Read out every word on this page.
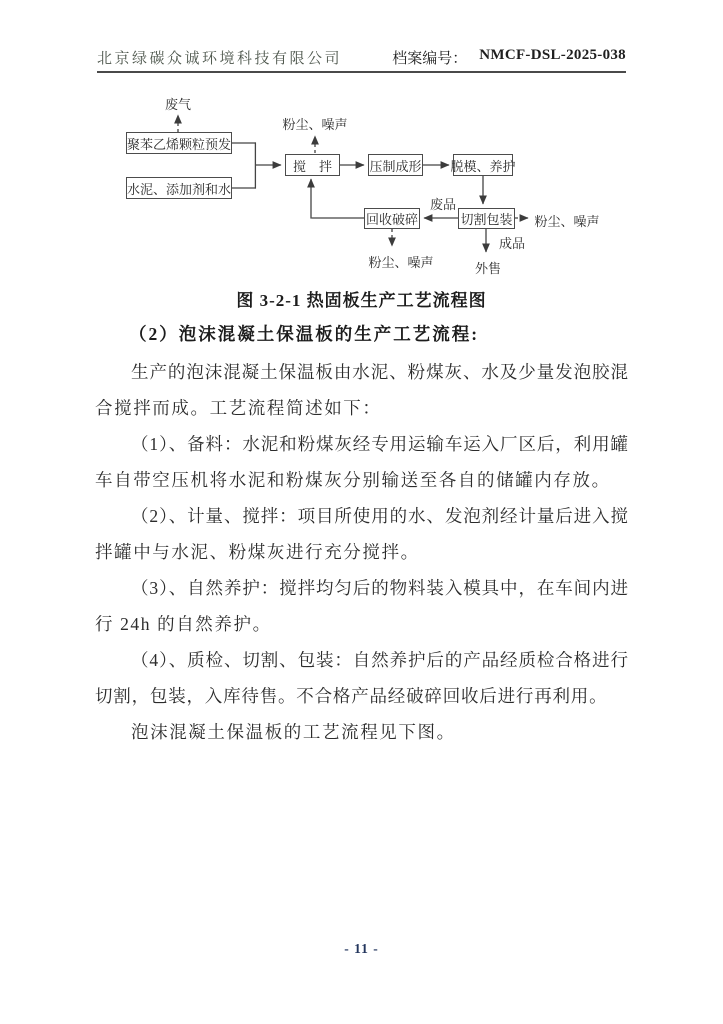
北京绿碳众诚环境科技有限公司	档案编号： NMCF-DSL-2025-038
聚苯乙烯颗粒预发
水泥、添加剂和水
搅　拌	压制成形 脱模、养护
切割包装
回收破碎
废气
粉尘、噪声
废品
粉尘、噪声
成品
外售
粉尘、噪声
图 3-2-1 热固板生产工艺流程图
（2）泡沫混凝土保温板的生产工艺流程:
生产的泡沫混凝土保温板由水泥、粉煤灰、水及少量发泡胶混
合搅拌而成。工艺流程简述如下：
（1）、备料：水泥和粉煤灰经专用运输车运入厂区后，利用罐
车自带空压机将水泥和粉煤灰分别输送至各自的储罐内存放。
（2）、计量、搅拌：项目所使用的水、发泡剂经计量后进入搅
拌罐中与水泥、粉煤灰进行充分搅拌。
（3）、自然养护：搅拌均匀后的物料装入模具中，在车间内进
行 24h 的自然养护。
（4）、质检、切割、包装：自然养护后的产品经质检合格进行
切割，包装，入库待售。不合格产品经破碎回收后进行再利用。
泡沫混凝土保温板的工艺流程见下图。
- 11 -
